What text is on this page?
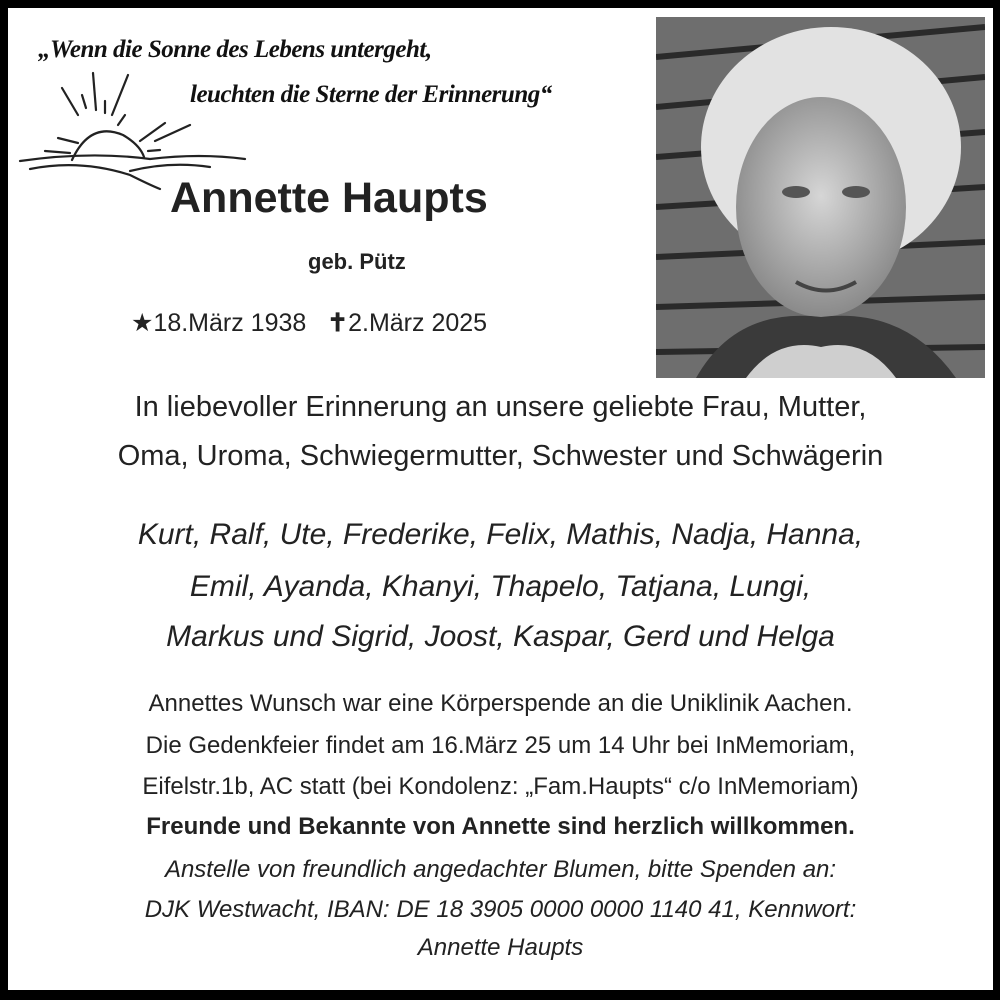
„Wenn die Sonne des Lebens untergeht,
leuchten die Sterne der Erinnerung“
Annette Haupts
geb. Pütz
★18.März 1938 ✝2.März 2025
In liebevoller Erinnerung an unsere geliebte Frau, Mutter,
Oma, Uroma, Schwiegermutter, Schwester und Schwägerin
Kurt, Ralf, Ute, Frederike, Felix, Mathis, Nadja, Hanna,
Emil, Ayanda, Khanyi, Thapelo, Tatjana, Lungi,
Markus und Sigrid, Joost, Kaspar, Gerd und Helga
Annettes Wunsch war eine Körperspende an die Uniklinik Aachen.
Die Gedenkfeier findet am 16.März 25 um 14 Uhr bei InMemoriam,
Eifelstr.1b, AC statt (bei Kondolenz: „Fam.Haupts“ c/o InMemoriam)
Freunde und Bekannte von Annette sind herzlich willkommen.
Anstelle von freundlich angedachter Blumen, bitte Spenden an:
DJK Westwacht, IBAN: DE 18 3905 0000 0000 1140 41, Kennwort:
Annette Haupts
